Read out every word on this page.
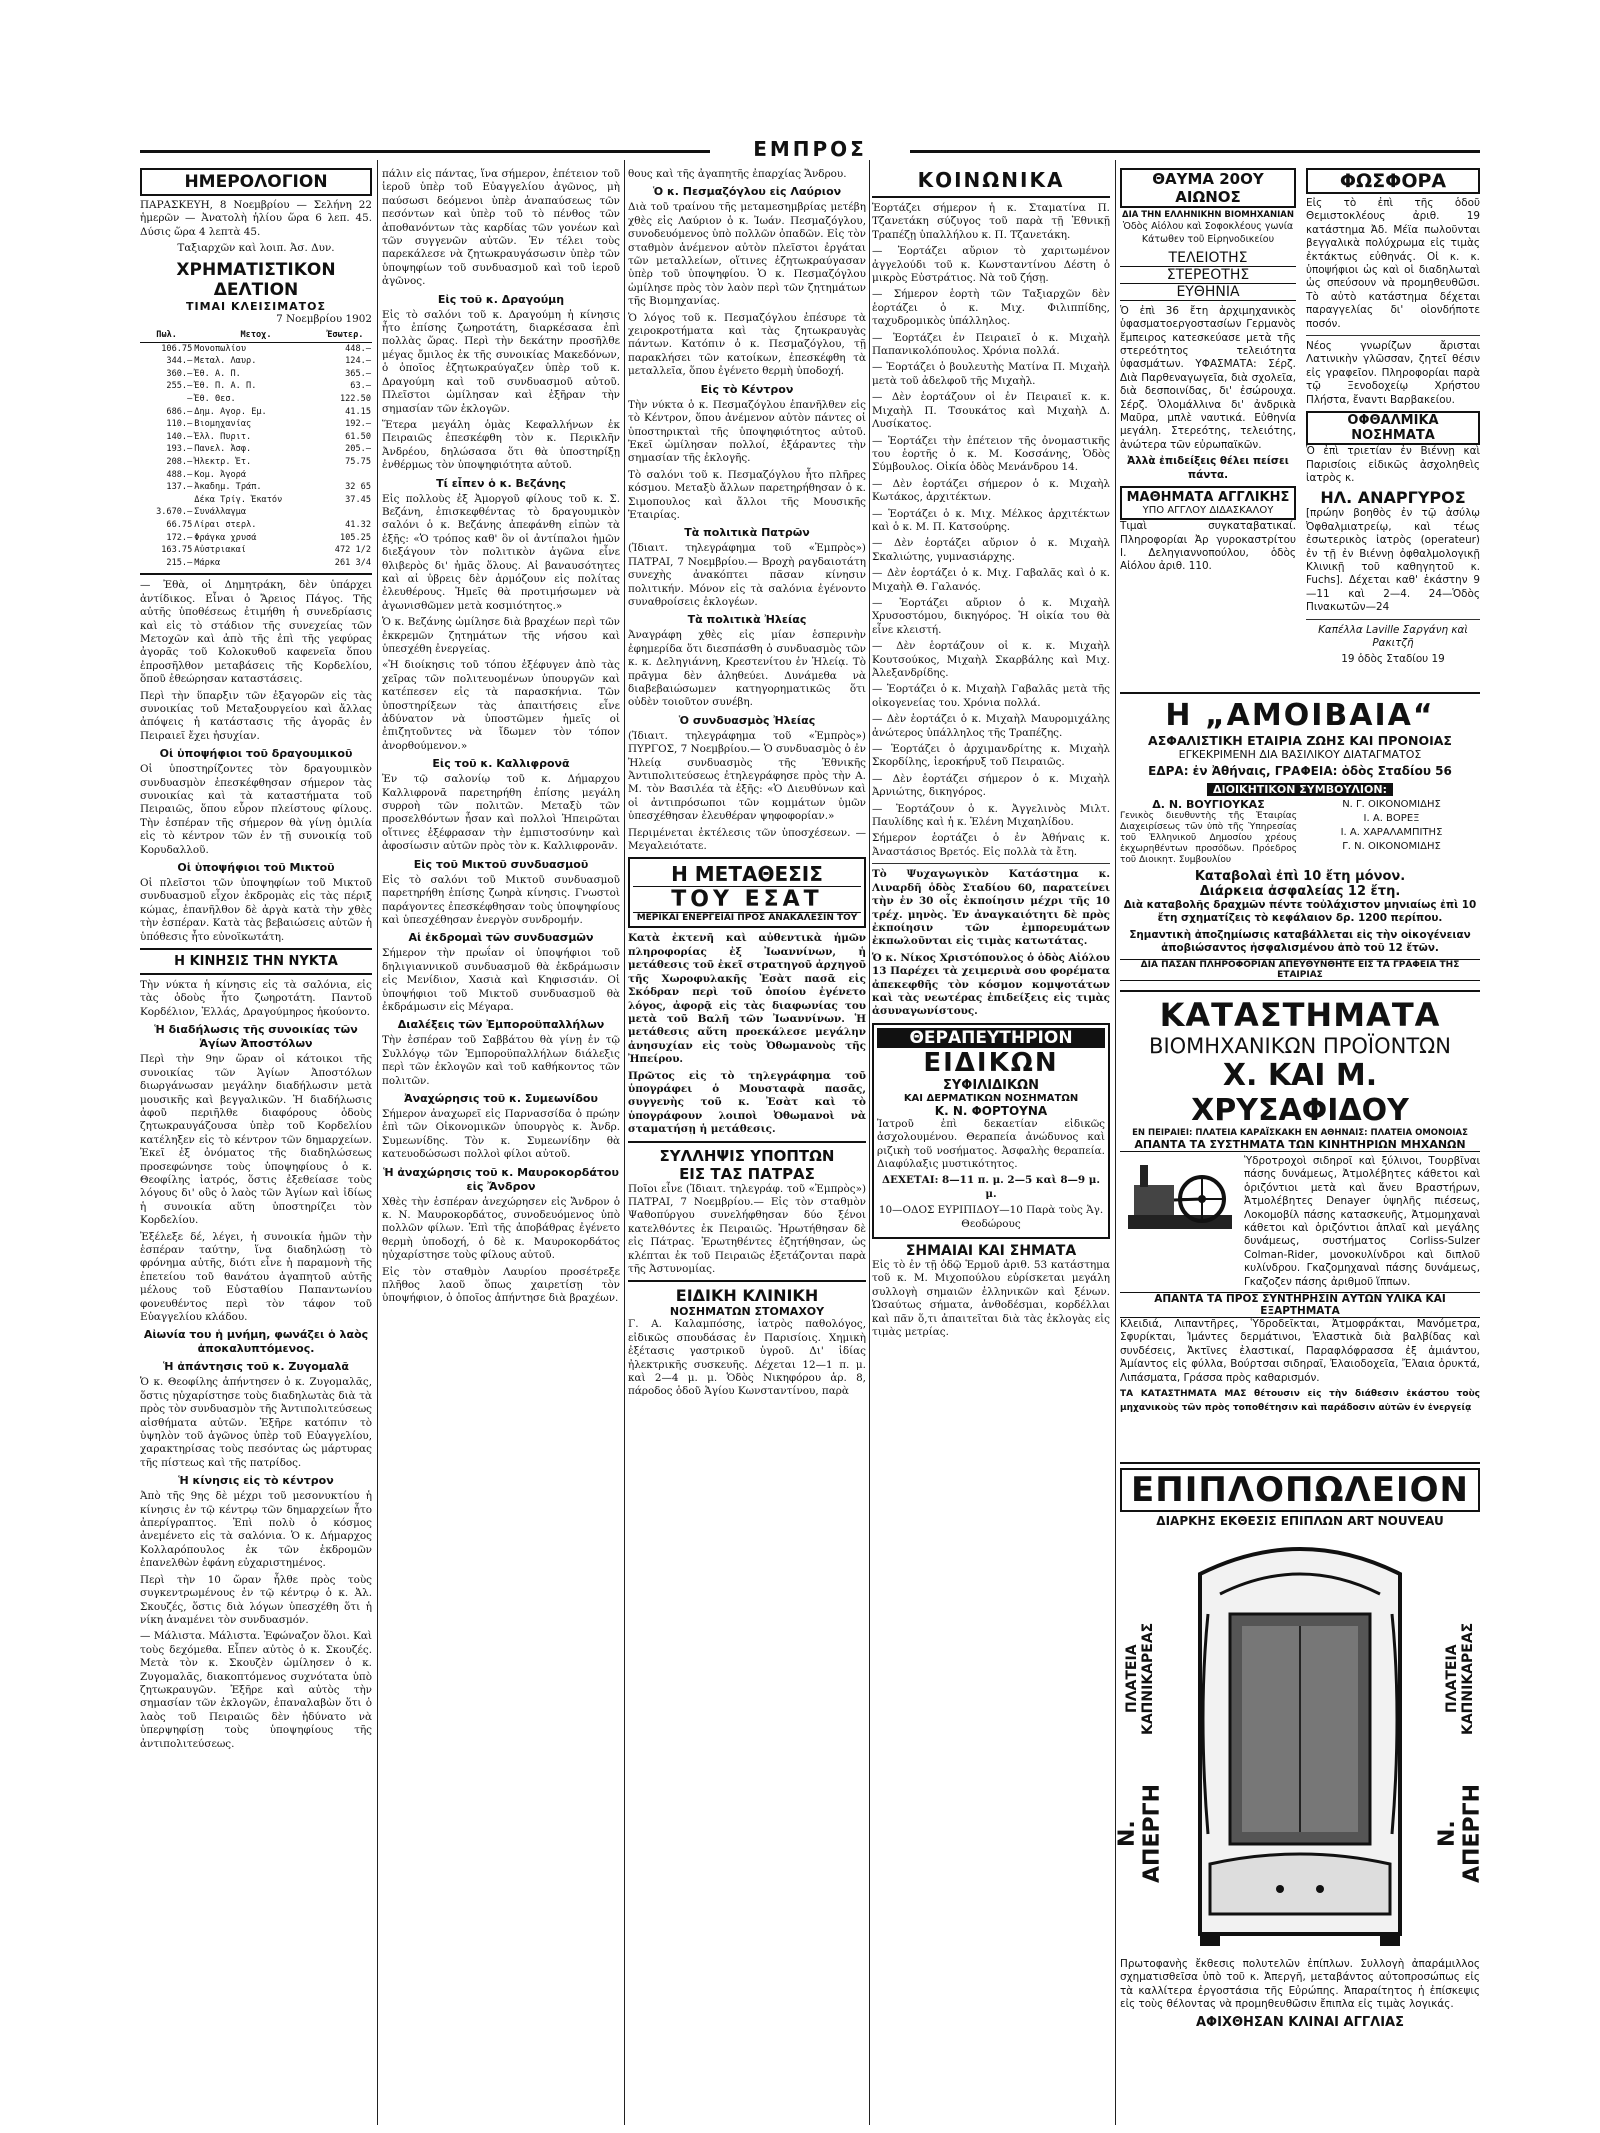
ΕΜΠΡΟΣ
ΗΜΕΡΟΛΟΓΙΟΝ
ΠΑΡΑΣΚΕΥΗ, 8 Νοεμβρίου — Σελήνη 22 ἡμερῶν — Ἀνατολὴ ἡλίου ὥρα 6 λεπ. 45. Δύσις ὥρα 4 λεπτὰ 45.
Ταξιαρχῶν καὶ λοιπ. Ἀσ. Δυν.
ΧΡΗΜΑΤΙΣΤΙΚΟΝ ΔΕΛΤΙΟΝ
ΤΙΜΑΙ ΚΛΕΙΣΙΜΑΤΟΣ
7 Νοεμβρίου 1902
Πωλ.	Μετοχ.	Ἐσωτερ.
106.75	Μονοπωλίου	448.—
344.—	Μεταλ. Λαυρ.	124.—
360.—	Ἐθ. Α. Π.	365.—
255.—	Ἐθ. Π. Α. Π.	63.—
—	Ἐθ. Θεσ.	122.50
686.—	Δημ. Αγορ. Εμ.	41.15
110.—	Βιομηχανίας	192.—
140.—	Ἐλλ. Πυριτ.	61.50
193.—	Πανελ. Ἀσφ.	205.—
208.—	Ἠλεκτρ. Ἐτ.	75.75
488.—	Κομ. Ἀγορά	
137.—	Ἀκαδημ. Τράπ.	32 65
	Δέκα Τρίγ. Ἑκατόν	37.45
3.670.—	Συνάλλαγμα	
66.75	Λίραι στερλ.	41.32
172.—	Φράγκα χρυσά	105.25
163.75	Αὐστριακαί	472 1/2
215.—	Μάρκα	261 3/4
— Ἐθὰ, οἱ Δημητράκη, δὲν ὑπάρχει ἀντίδικος. Εἶναι ὁ Ἄρειος Πάγος. Τῆς αὐτῆς ὑποθέσεως ἐτιμήθη ἡ συνεδρίασις καὶ εἰς τὸ στάδιον τῆς συνεχείας τῶν Μετοχῶν καὶ ἀπὸ τῆς ἐπὶ τῆς γεφύρας ἀγορᾶς τοῦ Κολοκυθοῦ καφενεῖα ὅπου ἐπροσῆλθον μεταβάσεις τῆς Κορδελίου, ὅποῦ ἐθεώρησαν καταστάσεις.
Περὶ τὴν ὕπαρξιν τῶν ἐξαγορῶν εἰς τὰς συνοικίας τοῦ Μεταξουργείου καὶ ἄλλας ἀπόψεις ἡ κατάστασις τῆς ἀγορᾶς ἐν Πειραιεῖ ἔχει ἡσυχίαν.
Οἱ ὑποψήφιοι τοῦ δραγουμικοῦ
Οἱ ὑποστηρίζοντες τὸν δραγουμικὸν συνδυασμὸν ἐπεσκέφθησαν σήμερον τὰς συνοικίας καὶ τὰ καταστήματα τοῦ Πειραιῶς, ὅπου εὗρον πλείστους φίλους. Τὴν ἑσπέραν τῆς σήμερον θὰ γίνῃ ὁμιλία εἰς τὸ κέντρον τῶν ἐν τῇ συνοικίᾳ τοῦ Κορυδαλλοῦ.
Οἱ ὑποψήφιοι τοῦ Μικτοῦ
Οἱ πλεῖστοι τῶν ὑποψηφίων τοῦ Μικτοῦ συνδυασμοῦ εἶχον ἐκδρομὰς εἰς τὰς πέριξ κώμας, ἐπανῆλθον δὲ ἀργὰ κατὰ τὴν χθὲς τὴν ἑσπέραν. Κατὰ τὰς βεβαιώσεις αὐτῶν ἡ ὑπόθεσις ἦτο εὐνοϊκωτάτη.
Η ΚΙΝΗΣΙΣ ΤΗΝ ΝΥΚΤΑ
Τὴν νύκτα ἡ κίνησις εἰς τὰ σαλόνια, εἰς τὰς ὁδοὺς ἦτο ζωηροτάτη. Παντοῦ Κορδέλιον, Ἑλλάς, Δραγούμηρος ἠκούοντο.
Ἡ διαδήλωσις τῆς συνοικίας τῶν Ἁγίων Ἀποστόλων
Περὶ τὴν 9ην ὥραν οἱ κάτοικοι τῆς συνοικίας τῶν Ἁγίων Ἀποστόλων διωργάνωσαν μεγάλην διαδήλωσιν μετὰ μουσικῆς καὶ βεγγαλικῶν. Ἡ διαδήλωσις ἀφοῦ περιῆλθε διαφόρους ὁδοὺς ζητωκραυγάζουσα ὑπὲρ τοῦ Κορδελίου κατέληξεν εἰς τὸ κέντρον τῶν δημαρχείων. Ἐκεῖ ἐξ ὀνόματος τῆς διαδηλώσεως προσεφώνησε τοὺς ὑποψηφίους ὁ κ. Θεοφίλης ἰατρός, ὅστις ἐξεθείασε τοὺς λόγους δι' οὓς ὁ λαὸς τῶν Ἁγίων καὶ ἰδίως ἡ συνοικία αὕτη ὑποστηρίζει τὸν Κορδελίου.
Ἐξέλεξε δέ, λέγει, ἡ συνοικία ἡμῶν τὴν ἑσπέραν ταύτην, ἵνα διαδηλώσῃ τὸ φρόνημα αὐτῆς, διότι εἶνε ἡ παραμονὴ τῆς ἐπετείου τοῦ θανάτου ἀγαπητοῦ αὐτῆς μέλους τοῦ Εὐσταθίου Παπαντωνίου φονευθέντος περὶ τὸν τάφον τοῦ Εὐαγγελίου κλάδου.
Αἰωνία του ἡ μνήμη, φωνάζει ὁ λαὸς ἀποκαλυπτόμενος.
Ἡ ἀπάντησις τοῦ κ. Ζυγομαλᾶ
Ὁ κ. Θεοφίλης ἀπήντησεν ὁ κ. Ζυγομαλᾶς, ὅστις ηὐχαρίστησε τοὺς διαδηλωτὰς διὰ τὰ πρὸς τὸν συνδυασμὸν τῆς Ἀντιπολιτεύσεως αἰσθήματα αὐτῶν. Ἐξῆρε κατόπιν τὸ ὑψηλὸν τοῦ ἀγῶνος ὑπὲρ τοῦ Εὐαγγελίου, χαρακτηρίσας τοὺς πεσόντας ὡς μάρτυρας τῆς πίστεως καὶ τῆς πατρίδος.
Ἡ κίνησις εἰς τὸ κέντρον
Ἀπὸ τῆς 9ης δὲ μέχρι τοῦ μεσονυκτίου ἡ κίνησις ἐν τῷ κέντρῳ τῶν δημαρχείων ἦτο ἀπερίγραπτος. Ἐπὶ πολὺ ὁ κόσμος ἀνεμένετο εἰς τὰ σαλόνια. Ὁ κ. Δήμαρχος Κολλαρόπουλος ἐκ τῶν ἐκδρομῶν ἐπανελθὼν ἐφάνη εὐχαριστημένος.
Περὶ τὴν 10 ὥραν ἦλθε πρὸς τοὺς συγκεντρωμένους ἐν τῷ κέντρῳ ὁ κ. Ἀλ. Σκουζές, ὅστις διὰ λόγων ὑπεσχέθη ὅτι ἡ νίκη ἀναμένει τὸν συνδυασμόν.
— Μάλιστα. Μάλιστα. Ἐφώναζον ὅλοι. Καὶ τοὺς δεχόμεθα. Εἶπεν αὐτὸς ὁ κ. Σκουζές. Μετὰ τὸν κ. Σκουζὲν ὡμίλησεν ὁ κ. Ζυγομαλᾶς, διακοπτόμενος συχνότατα ὑπὸ ζητωκραυγῶν. Ἐξῆρε καὶ αὐτὸς τὴν σημασίαν τῶν ἐκλογῶν, ἐπαναλαβὼν ὅτι ὁ λαὸς τοῦ Πειραιῶς δὲν ἠδύνατο νὰ ὑπερψηφίσῃ τοὺς ὑποψηφίους τῆς ἀντιπολιτεύσεως.
πάλιν εἰς πάντας, ἵνα σήμερον, ἐπέτειον τοῦ ἱεροῦ ὑπὲρ τοῦ Εὐαγγελίου ἀγῶνος, μὴ παύσωσι δεόμενοι ὑπὲρ ἀναπαύσεως τῶν πεσόντων καὶ ὑπὲρ τοῦ τὸ πένθος τῶν ἀποθανόντων τὰς καρδίας τῶν γονέων καὶ τῶν συγγενῶν αὐτῶν. Ἐν τέλει τοὺς παρεκάλεσε νὰ ζητωκραυγάσωσιν ὑπὲρ τῶν ὑποψηφίων τοῦ συνδυασμοῦ καὶ τοῦ ἱεροῦ ἀγῶνος.
Εἰς τοῦ κ. Δραγούμη
Εἰς τὸ σαλόνι τοῦ κ. Δραγούμη ἡ κίνησις ἦτο ἐπίσης ζωηροτάτη, διαρκέσασα ἐπὶ πολλὰς ὥρας. Περὶ τὴν δεκάτην προσῆλθε μέγας ὄμιλος ἐκ τῆς συνοικίας Μακεδόνων, ὁ ὁποῖος ἐζητωκραύγαζεν ὑπὲρ τοῦ κ. Δραγούμη καὶ τοῦ συνδυασμοῦ αὐτοῦ. Πλεῖστοι ὡμίλησαν καὶ ἐξῆραν τὴν σημασίαν τῶν ἐκλογῶν.
Ἕτερα μεγάλη ὁμὰς Κεφαλλήνων ἐκ Πειραιῶς ἐπεσκέφθη τὸν κ. Περικλῆν Ἀνδρέου, δηλώσασα ὅτι θὰ ὑποστηρίξῃ ἐνθέρμως τὸν ὑποψηφιότητα αὐτοῦ.
Τί εἶπεν ὁ κ. Βεζάνης
Εἰς πολλοὺς ἐξ Ἀμοργοῦ φίλους τοῦ κ. Σ. Βεζάνη, ἐπισκεφθέντας τὸ δραγουμικὸν σαλόνι ὁ κ. Βεζάνης ἀπεφάνθη εἰπὼν τὰ ἑξῆς: «Ὁ τρόπος καθ' ὃν οἱ ἀντίπαλοι ἡμῶν διεξάγουν τὸν πολιτικὸν ἀγῶνα εἶνε θλιβερὸς δι' ἡμᾶς ὅλους. Αἱ βαναυσότητες καὶ αἱ ὑβρεις δὲν ἁρμόζουν εἰς πολίτας ἐλευθέρους. Ἡμεῖς θὰ προτιμήσωμεν νὰ ἀγωνισθῶμεν μετὰ κοσμιότητος.»
Ὁ κ. Βεζάνης ὡμίλησε διὰ βραχέων περὶ τῶν ἐκκρεμῶν ζητημάτων τῆς νήσου καὶ ὑπεσχέθη ἐνεργείας.
«Ἡ διοίκησις τοῦ τόπου ἐξέφυγεν ἀπὸ τὰς χεῖρας τῶν πολιτευομένων ὑπουργῶν καὶ κατέπεσεν εἰς τὰ παρασκήνια. Τῶν ὑποστηρίξεων τὰς ἀπαιτήσεις εἶνε ἀδύνατον νὰ ὑποστῶμεν ἡμεῖς οἱ ἐπιζητοῦντες νὰ ἴδωμεν τὸν τόπον ἀνορθούμενον.»
Εἰς τοῦ κ. Καλλιφρονᾶ
Ἐν τῷ σαλονίῳ τοῦ κ. Δήμαρχου Καλλιφρονᾶ παρετηρήθη ἐπίσης μεγάλη συρροὴ τῶν πολιτῶν. Μεταξὺ τῶν προσελθόντων ἦσαν καὶ πολλοὶ Ἠπειρῶται οἵτινες ἐξέφρασαν τὴν ἐμπιστοσύνην καὶ ἀφοσίωσιν αὐτῶν πρὸς τὸν κ. Καλλιφρονᾶν.
Εἰς τοῦ Μικτοῦ συνδυασμοῦ
Εἰς τὸ σαλόνι τοῦ Μικτοῦ συνδυασμοῦ παρετηρήθη ἐπίσης ζωηρὰ κίνησις. Γνωστοὶ παράγοντες ἐπεσκέφθησαν τοὺς ὑποψηφίους καὶ ὑπεσχέθησαν ἐνεργὸν συνδρομήν.
Αἱ ἐκδρομαὶ τῶν συνδυασμῶν
Σήμερον τὴν πρωΐαν οἱ ὑποψήφιοι τοῦ δηλιγιαννικοῦ συνδυασμοῦ θὰ ἐκδράμωσιν εἰς Μενίδιον, Χασιὰ καὶ Κηφισσιάν. Οἱ ὑποψήφιοι τοῦ Μικτοῦ συνδυασμοῦ θὰ ἐκδράμωσιν εἰς Μέγαρα.
Διαλέξεις τῶν Ἐμποροϋπαλλήλων
Τὴν ἑσπέραν τοῦ Σαββάτου θὰ γίνῃ ἐν τῷ Συλλόγῳ τῶν Ἐμποροϋπαλλήλων διάλεξις περὶ τῶν ἐκλογῶν καὶ τοῦ καθήκοντος τῶν πολιτῶν.
Ἀναχώρησις τοῦ κ. Συμεωνίδου
Σήμερον ἀναχωρεῖ εἰς Παρνασσίδα ὁ πρώην ἐπὶ τῶν Οἰκονομικῶν ὑπουργὸς κ. Ἀνδρ. Συμεωνίδης. Τὸν κ. Συμεωνίδην θὰ κατευοδώσωσι πολλοὶ φίλοι αὐτοῦ.
Ἡ ἀναχώρησις τοῦ κ. Μαυροκορδάτου εἰς Ἄνδρον
Χθὲς τὴν ἑσπέραν ἀνεχώρησεν εἰς Ἄνδρον ὁ κ. Ν. Μαυροκορδάτος, συνοδευόμενος ὑπὸ πολλῶν φίλων. Ἐπὶ τῆς ἀποβάθρας ἐγένετο θερμὴ ὑποδοχή, ὁ δὲ κ. Μαυροκορδάτος ηὐχαρίστησε τοὺς φίλους αὐτοῦ.
Εἰς τὸν σταθμὸν Λαυρίου προσέτρεξε πλῆθος λαοῦ ὅπως χαιρετίσῃ τὸν ὑποψήφιον, ὁ ὁποῖος ἀπήντησε διὰ βραχέων.
θους καὶ τῆς ἀγαπητῆς ἐπαρχίας Ἄνδρου.
Ὁ κ. Πεσμαζόγλου εἰς Λαύριον
Διὰ τοῦ τραίνου τῆς μεταμεσημβρίας μετέβη χθὲς εἰς Λαύριον ὁ κ. Ἰωάν. Πεσμαζόγλου, συνοδευόμενος ὑπὸ πολλῶν ὀπαδῶν. Εἰς τὸν σταθμὸν ἀνέμενον αὐτὸν πλεῖστοι ἐργάται τῶν μεταλλείων, οἵτινες ἐζητωκραύγασαν ὑπὲρ τοῦ ὑποψηφίου. Ὁ κ. Πεσμαζόγλου ὡμίλησε πρὸς τὸν λαὸν περὶ τῶν ζητημάτων τῆς Βιομηχανίας.
Ὁ λόγος τοῦ κ. Πεσμαζόγλου ἐπέσυρε τὰ χειροκροτήματα καὶ τὰς ζητωκραυγὰς πάντων. Κατόπιν ὁ κ. Πεσμαζόγλου, τῇ παρακλήσει τῶν κατοίκων, ἐπεσκέφθη τὰ μεταλλεῖα, ὅπου ἐγένετο θερμὴ ὑποδοχή.
Εἰς τὸ Κέντρον
Τὴν νύκτα ὁ κ. Πεσμαζόγλου ἐπανῆλθεν εἰς τὸ Κέντρον, ὅπου ἀνέμενον αὐτὸν πάντες οἱ ὑποστηρικταὶ τῆς ὑποψηφιότητος αὐτοῦ. Ἐκεῖ ὡμίλησαν πολλοί, ἐξάραντες τὴν σημασίαν τῆς ἐκλογῆς.
Τὸ σαλόνι τοῦ κ. Πεσμαζόγλου ἦτο πλῆρες κόσμου. Μεταξὺ ἄλλων παρετηρήθησαν ὁ κ. Σιμοπουλος καὶ ἄλλοι τῆς Μουσικῆς Ἑταιρίας.
Τὰ πολιτικὰ Πατρῶν
(Ἰδιαιτ. τηλεγράφημα τοῦ «Ἐμπρὸς») ΠΑΤΡΑΙ, 7 Νοεμβρίου.— Βροχὴ ραγδαιοτάτη συνεχὴς ἀνακόπτει πᾶσαν κίνησιν πολιτικήν. Μόνον εἰς τὰ σαλόνια ἐγένοντο συναθροίσεις ἐκλογέων.
Τὰ πολιτικὰ Ἠλείας
Ἀναγράφη χθὲς εἰς μίαν ἑσπερινὴν ἐφημερίδα ὅτι διεσπάσθη ὁ συνδυασμὸς τῶν κ. κ. Δεληγιάννη, Κρεστενίτου ἐν Ἠλείᾳ. Τὸ πρᾶγμα δὲν ἀληθεύει. Δυνάμεθα νὰ διαβεβαιώσωμεν κατηγορηματικῶς ὅτι οὐδὲν τοιοῦτον συνέβη.
Ὁ συνδυασμὸς Ἠλείας
(Ἰδιαιτ. τηλεγράφημα τοῦ «Ἐμπρὸς») ΠΥΡΓΟΣ, 7 Νοεμβρίου.— Ὁ συνδυασμὸς ὁ ἐν Ἠλείᾳ συνδυασμὸς τῆς Ἐθνικῆς Ἀντιπολιτεύσεως ἐτηλεγράφησε πρὸς τὴν Α. Μ. τὸν Βασιλέα τὰ ἑξῆς: «Ὁ Διευθύνων καὶ οἱ ἀντιπρόσωποι τῶν κομμάτων ὑμῶν ὑπεσχέθησαν ἐλευθέραν ψηφοφορίαν.»
Περιμένεται ἐκτέλεσις τῶν ὑποσχέσεων. —Μεγαλειότατε.
Η ΜΕΤΑΘΕΣΙΣ
ΤΟΥ ΕΣΑΤ
ΜΕΡΙΚΑΙ ΕΝΕΡΓΕΙΑΙ ΠΡΟΣ ΑΝΑΚΑΛΕΣΙΝ ΤΟΥ
Κατὰ ἐκτενῆ καὶ αὐθεντικὰ ἡμῶν πληροφορίας ἐξ Ἰωαννίνων, ἡ μετάθεσις τοῦ ἐκεῖ στρατηγοῦ ἀρχηγοῦ τῆς Χωροφυλακῆς Ἐσὰτ πασᾶ εἰς Σκόδραν περὶ τοῦ ὁποίου ἐγένετο λόγος, ἀφορᾷ εἰς τὰς διαφωνίας του μετὰ τοῦ Βαλῆ τῶν Ἰωαννίνων. Ἡ μετάθεσις αὕτη προεκάλεσε μεγάλην ἀνησυχίαν εἰς τοὺς Ὀθωμανοὺς τῆς Ἠπείρου.
Πρῶτος εἰς τὸ τηλεγράφημα τοῦ ὑπογράφει ὁ Μουσταφὰ πασᾶς, συγγενὴς τοῦ κ. Ἐσὰτ καὶ τὸ ὑπογράφουν λοιποὶ Ὀθωμανοὶ νὰ σταματήσῃ ἡ μετάθεσις.
ΣΥΛΛΗΨΙΣ ΥΠΟΠΤΩΝ
ΕΙΣ ΤΑΣ ΠΑΤΡΑΣ
Ποῖοι εἶνε (Ἰδιαιτ. τηλεγράφ. τοῦ «Ἐμπρὸς») ΠΑΤΡΑΙ, 7 Νοεμβρίου.— Εἰς τὸν σταθμὸν Ψαθοπύργου συνελήφθησαν δύο ξένοι κατελθόντες ἐκ Πειραιῶς. Ἠρωτήθησαν δὲ εἰς Πάτρας. Ἐρωτηθέντες ἐζητήθησαν, ὡς κλέπται ἐκ τοῦ Πειραιῶς ἐξετάζονται παρὰ τῆς Ἀστυνομίας.
ΕΙΔΙΚΗ ΚΛΙΝΙΚΗ
ΝΟΣΗΜΑΤΩΝ ΣΤΟΜΑΧΟΥ
Γ. Α. Καλαμπόσης, ἰατρὸς παθολόγος, εἰδικῶς σπουδάσας ἐν Παρισίοις. Χημικὴ ἐξέτασις γαστρικοῦ ὑγροῦ. Δι' ἰδίας ἠλεκτρικῆς συσκευῆς. Δέχεται 12—1 π. μ. καὶ 2—4 μ. μ. Ὁδὸς Νικηφόρου ἀρ. 8, πάροδος ὁδοῦ Ἁγίου Κωνσταντίνου, παρὰ
ΚΟΙΝΩΝΙΚΑ
Ἑορτάζει σήμερον ἡ κ. Σταματίνα Π. Τζανετάκη σύζυγος τοῦ παρὰ τῇ Ἐθνικῇ Τραπέζῃ ὑπαλλήλου κ. Π. Τζανετάκη.
— Ἑορτάζει αὔριον τὸ χαριτωμένον ἀγγελούδι τοῦ κ. Κωνσταντίνου Δέστη ὁ μικρὸς Εὐστράτιος. Νὰ τοῦ ζήσῃ.
— Σήμερον ἑορτὴ τῶν Ταξιαρχῶν δὲν ἑορτάζει ὁ κ. Μιχ. Φιλιππίδης, ταχυδρομικὸς ὑπάλληλος.
— Ἑορτάζει ἐν Πειραιεῖ ὁ κ. Μιχαὴλ Παπανικολόπουλος. Χρόνια πολλά.
— Ἑορτάζει ὁ βουλευτὴς Ματίνα Π. Μιχαὴλ μετὰ τοῦ ἀδελφοῦ τῆς Μιχαὴλ.
— Δὲν ἑορτάζουν οἱ ἐν Πειραιεῖ κ. κ. Μιχαὴλ Π. Τσουκάτος καὶ Μιχαὴλ Δ. Λυσίκατος.
— Ἑορτάζει τὴν ἐπέτειον τῆς ὀνομαστικῆς του ἑορτῆς ὁ κ. Μ. Κοσσάνης, Ὁδὸς Σύμβουλος. Οἰκία ὁδὸς Μενάνδρου 14.
— Δὲν ἑορτάζει σήμερον ὁ κ. Μιχαὴλ Κωτάκος, ἀρχιτέκτων.
— Ἑορτάζει ὁ κ. Μιχ. Μέλκος ἀρχιτέκτων καὶ ὁ κ. Μ. Π. Κατσούρης.
— Δὲν ἑορτάζει αὔριον ὁ κ. Μιχαὴλ Σκαλιώτης, γυμνασιάρχης.
— Δὲν ἑορτάζει ὁ κ. Μιχ. Γαβαλᾶς καὶ ὁ κ. Μιχαὴλ Θ. Γαλανός.
— Ἑορτάζει αὔριον ὁ κ. Μιχαὴλ Χρυσοστόμου, δικηγόρος. Ἡ οἰκία του θὰ εἶνε κλειστή.
— Δὲν ἑορτάζουν οἱ κ. κ. Μιχαὴλ Κουτσούκος, Μιχαὴλ Σκαρβάλης καὶ Μιχ. Ἀλεξανδρίδης.
— Ἑορτάζει ὁ κ. Μιχαὴλ Γαβαλᾶς μετὰ τῆς οἰκογενείας του. Χρόνια πολλά.
— Δὲν ἑορτάζει ὁ κ. Μιχαὴλ Μαυρομιχάλης ἀνώτερος ὑπάλληλος τῆς Τραπέζης.
— Ἑορτάζει ὁ ἀρχιμανδρίτης κ. Μιχαὴλ Σκορδίλης, ἱεροκήρυξ τοῦ Πειραιῶς.
— Δὲν ἑορτάζει σήμερον ὁ κ. Μιχαὴλ Ἀρνιώτης, δικηγόρος.
— Ἑορτάζουν ὁ κ. Ἀγγελινὸς Μιλτ. Παυλίδης καὶ ἡ κ. Ἑλένη Μιχαηλίδου.
Σήμερον ἑορτάζει ὁ ἐν Ἀθήναις κ. Ἀναστάσιος Βρετός. Εἰς πολλὰ τὰ ἔτη.
Τὸ Ψυχαγωγικὸν Κατάστημα κ. Λιναρδῆ ὁδὸς Σταδίου 60, παρατείνει τὴν ἐν 30 οἷς ἐκποίησιν μέχρι τῆς 10 τρέχ. μηνὸς. Ἐν ἀναγκαιότητι δὲ πρὸς ἐκποίησιν τῶν ἐμπορευμάτων ἐκπωλοῦνται εἰς τιμὰς κατωτάτας.
Ὁ κ. Νίκος Χριστόπουλος ὁ ὁδὸς Αἰόλου 13 Παρέχει τὰ χειμερινὰ σου φορέματα ἀπεκεφθῆς τὸν κόσμον κομψοτάτων καὶ τὰς νεωτέρας ἐπιδείξεις εἰς τιμὰς ἀσυναγωνίστους.
ΘΕΡΑΠΕΥΤΗΡΙΟΝ
ΕΙΔΙΚΩΝ
ΣΥΦΙΛΙΔΙΚΩΝ
ΚΑΙ ΔΕΡΜΑΤΙΚΩΝ ΝΟΣΗΜΑΤΩΝ
Κ. Ν. ΦΟΡΤΟΥΝΑ
Ἰατροῦ ἐπὶ δεκαετίαν εἰδικῶς ἀσχολουμένου. Θεραπεία ἀνώδυνος καὶ ριζικὴ τοῦ νοσήματος. Ἀσφαλὴς θεραπεία. Διαφύλαξις μυστικότητος.
ΔΕΧΕΤΑΙ: 8—11 π. μ. 2—5 καὶ 8—9 μ. μ.
10—ΟΔΟΣ ΕΥΡΙΠΙΔΟΥ—10 Παρὰ τοὺς Ἁγ. Θεοδώρους
ΣΗΜΑΙΑΙ ΚΑΙ ΣΗΜΑΤΑ
Εἰς τὸ ἐν τῇ ὁδῷ Ἑρμοῦ ἀριθ. 53 κατάστημα τοῦ κ. Μ. Μιχοπούλου εὑρίσκεται μεγάλη συλλογὴ σημαιῶν ἑλληνικῶν καὶ ξένων. Ὡσαύτως σήματα, ἀνθοδέσμαι, κορδέλλαι καὶ πᾶν ὅ,τι ἀπαιτεῖται διὰ τὰς ἐκλογὰς εἰς τιμὰς μετρίας.
ΘΑΥΜΑ 20ΟΥ ΑΙΩΝΟΣ
ΔΙΑ ΤΗΝ ΕΛΛΗΝΙΚΗΝ ΒΙΟΜΗΧΑΝΙΑΝ
Ὁδὸς Αἰόλου καὶ Σοφοκλέους γωνία Κάτωθεν τοῦ Εἰρηνοδικείου
ΤΕΛΕΙΟΤΗΣ
ΣΤΕΡΕΟΤΗΣ
ΕΥΘΗΝΙΑ
Ὁ ἐπὶ 36 ἔτη ἀρχιμηχανικὸς ὑφασματοεργοστασίων Γερμανὸς ἔμπειρος κατεσκεύασε μετὰ τῆς στερεότητος τελειότητα ὑφασμάτων. ΥΦΑΣΜΑΤΑ: Σέρζ. Διὰ Παρθεναγωγεῖα, διὰ σχολεῖα, διὰ δεσποινίδας, δι' ἐσώρουχα. Σέρζ. Ὁλομάλλινα δι' ἀνδρικὰ Μαῦρα, μπλὲ ναυτικά. Εὐθηνία μεγάλη. Στερεότης, τελειότης, ἀνώτερα τῶν εὐρωπαϊκῶν.
Ἀλλὰ ἐπιδείξεις θέλει πείσει πάντα.
ΜΑΘΗΜΑΤΑ ΑΓΓΛΙΚΗΣ
ΥΠΟ ΑΓΓΛΟΥ ΔΙΔΑΣΚΑΛΟΥ
Τιμαὶ συγκαταβατικαί. Πληροφορίαι Ἀρ γυροκαστρίτου Ι. Δεληγιαννοπούλου, ὁδὸς Αἰόλου ἀριθ. 110.
ΦΩΣΦΟΡΑ
Εἰς τὸ ἐπὶ τῆς ὁδοῦ Θεμιστοκλέους ἀριθ. 19 κατάστημα Ἀδ. Μέϊα πωλοῦνται βεγγαλικὰ πολύχρωμα εἰς τιμὰς ἐκτάκτως εὐθηνάς. Οἱ κ. κ. ὑποψήφιοι ὡς καὶ οἱ διαδηλωταὶ ὡς σπεύσουν νὰ προμηθευθῶσι. Τὸ αὐτὸ κατάστημα δέχεται παραγγελίας δι' οἱονδήποτε ποσόν.
Νέος γνωρίζων ἄρισται Λατινικὴν γλῶσσαν, ζητεῖ θέσιν εἰς γραφεῖον. Πληροφορίαι παρὰ τῷ Ξενοδοχείῳ Χρήστου Πλήστα, ἔναντι Βαρβακείου.
ΟΦΘΑΛΜΙΚΑ ΝΟΣΗΜΑΤΑ
Ὁ ἐπὶ τριετίαν ἐν Βιέννῃ καὶ Παρισίοις εἰδικῶς ἀσχοληθεὶς ἰατρὸς κ.
ΗΛ. ΑΝΑΡΓΥΡΟΣ
[πρώην βοηθὸς ἐν τῷ ἀσύλῳ Ὀφθαλμιατρείῳ, καὶ τέως ἐσωτερικὸς ἰατρὸς (operateur) ἐν τῇ ἐν Βιέννῃ ὀφθαλμολογικῇ Κλινικῇ τοῦ καθηγητοῦ κ. Fuchs]. Δέχεται καθ' ἑκάστην 9—11 καὶ 2—4. 24—Ὁδὸς Πινακωτῶν—24
Καπέλλα Laville Σαργάνη καὶ Ρακιτζῆ
19 ὁδὸς Σταδίου 19
Η „ΑΜΟΙΒΑΙΑ“
ΑΣΦΑΛΙΣΤΙΚΗ ΕΤΑΙΡΙΑ ΖΩΗΣ ΚΑΙ ΠΡΟΝΟΙΑΣ
ΕΓΚΕΚΡΙΜΕΝΗ ΔΙΑ ΒΑΣΙΛΙΚΟΥ ΔΙΑΤΑΓΜΑΤΟΣ
ΕΔΡΑ: ἐν Ἀθήναις, ΓΡΑΦΕΙΑ: ὁδὸς Σταδίου 56
ΔΙΟΙΚΗΤΙΚΟΝ ΣΥΜΒΟΥΛΙΟΝ:
Δ. Ν. ΒΟΥΓΙΟΥΚΑΣ
Γενικὸς διευθυντὴς τῆς Ἑταιρίας Διαχειρίσεως τῶν ὑπὸ τῆς Ὑπηρεσίας τοῦ Ἑλληνικοῦ Δημοσίου χρέους ἐκχωρηθέντων προσόδων. Πρόεδρος τοῦ Διοικητ. Συμβουλίου
Ν. Γ. ΟΙΚΟΝΟΜΙΔΗΣ
Ι. Α. ΒΟΡΕΞ
Ι. Α. ΧΑΡΑΛΑΜΠΙΤΗΣ
Γ. Ν. ΟΙΚΟΝΟΜΙΔΗΣ
Καταβολαὶ ἐπὶ 10 ἔτη μόνον.
Διάρκεια ἀσφαλείας 12 ἔτη.
Διὰ καταβολῆς δραχμῶν πέντε τοὐλάχιστον μηνιαίως ἐπὶ 10 ἔτη σχηματίζεις τὸ κεφάλαιον δρ. 1200 περίπου.
Σημαντικὴ ἀποζημίωσις καταβάλλεται εἰς τὴν οἰκογένειαν ἀποβιώσαντος ἠσφαλισμένου ἀπὸ τοῦ 12 ἔτῶν.
ΔΙΑ ΠΑΣΑΝ ΠΛΗΡΟΦΟΡΙΑΝ ΑΠΕΥΘΥΝΘΗΤΕ ΕΙΣ ΤΑ ΓΡΑΦΕΙΑ ΤΗΣ ΕΤΑΙΡΙΑΣ
ΚΑΤΑΣΤΗΜΑΤΑ
ΒΙΟΜΗΧΑΝΙΚΩΝ ΠΡΟΪΟΝΤΩΝ
Χ. ΚΑΙ Μ. ΧΡΥΣΑΦΙΔΟΥ
ΕΝ ΠΕΙΡΑΙΕΙ: ΠΛΑΤΕΙΑ ΚΑΡΑΪΣΚΑΚΗ ΕΝ ΑΘΗΝΑΙΣ: ΠΛΑΤΕΙΑ ΟΜΟΝΟΙΑΣ
ΑΠΑΝΤΑ ΤΑ ΣΥΣΤΗΜΑΤΑ ΤΩΝ ΚΙΝΗΤΗΡΙΩΝ ΜΗΧΑΝΩΝ
Ὑδροτροχοὶ σιδηροῖ καὶ ξύλινοι, Τουρβῖναι πάσης δυνάμεως, Ἀτμολέβητες κάθετοι καὶ ὁριζόντιοι μετὰ καὶ ἄνευ Βραστήρων, Ἀτμολέβητες Denayer ὑψηλῆς πιέσεως, Λοκομοβίλ πάσης κατασκευῆς, Ἀτμομηχαναὶ κάθετοι καὶ ὁριζόντιοι ἁπλαῖ καὶ μεγάλης δυνάμεως, συστήματος Corliss-Sulzer Colman-Rider, μονοκυλίνδροι καὶ διπλοῦ κυλίνδρου. Γκαζομηχαναὶ πάσης δυνάμεως, Γκαζοζεν πάσης ἀριθμοῦ ἵππων.
ΑΠΑΝΤΑ ΤΑ ΠΡΟΣ ΣΥΝΤΗΡΗΣΙΝ ΑΥΤΩΝ ΥΛΙΚΑ ΚΑΙ ΕΞΑΡΤΗΜΑΤΑ
Κλειδιά, Λιπαντῆρες, Ὑδροδεῖκται, Ἀτμοφράκται, Μανόμετρα, Σφυρίκται, Ἱμάντες δερμάτινοι, Ἐλαστικὰ διὰ βαλβίδας καὶ συνδέσεις, Ἀκτῖνες ἐλαστικαί, Παραφλόφρασσα ἐξ ἀμιάντου, Ἀμίαντος εἰς φύλλα, Βούρτσαι σιδηραῖ, Ἐλαιοδοχεῖα, Ἔλαια ὀρυκτά, Λιπάσματα, Γράσσα πρὸς καθαρισμόν.
ΤΑ ΚΑΤΑΣΤΗΜΑΤΑ ΜΑΣ θέτουσιν εἰς τὴν διάθεσιν ἑκάστου τοὺς μηχανικοὺς τῶν πρὸς τοποθέτησιν καὶ παράδοσιν αὐτῶν ἐν ἐνεργείᾳ
ΕΠΙΠΛΟΠΩΛΕΙΟΝ
ΔΙΑΡΚΗΣ ΕΚΘΕΣΙΣ ΕΠΙΠΛΩΝ ART NOUVEAU
Ν. ΑΠΕΡΓΗ

ΠΛΑΤΕΙΑ ΚΑΠΝΙΚΑΡΕΑΣ
Ν. ΑΠΕΡΓΗ

ΠΛΑΤΕΙΑ ΚΑΠΝΙΚΑΡΕΑΣ
Πρωτοφανὴς ἔκθεσις πολυτελῶν ἐπίπλων. Συλλογὴ ἀπαράμιλλος σχηματισθεῖσα ὑπὸ τοῦ κ. Ἀπεργῆ, μεταβάντος αὐτοπροσώπως εἰς τὰ καλλίτερα ἐργοστάσια τῆς Εὐρώπης. Ἀπαραίτητος ἡ ἐπίσκεψις εἰς τοὺς θέλοντας νὰ προμηθευθῶσιν ἔπιπλα εἰς τιμὰς λογικάς.
ΑΦΙΧΘΗΣΑΝ ΚΛΙΝΑΙ ΑΓΓΛΙΑΣ
